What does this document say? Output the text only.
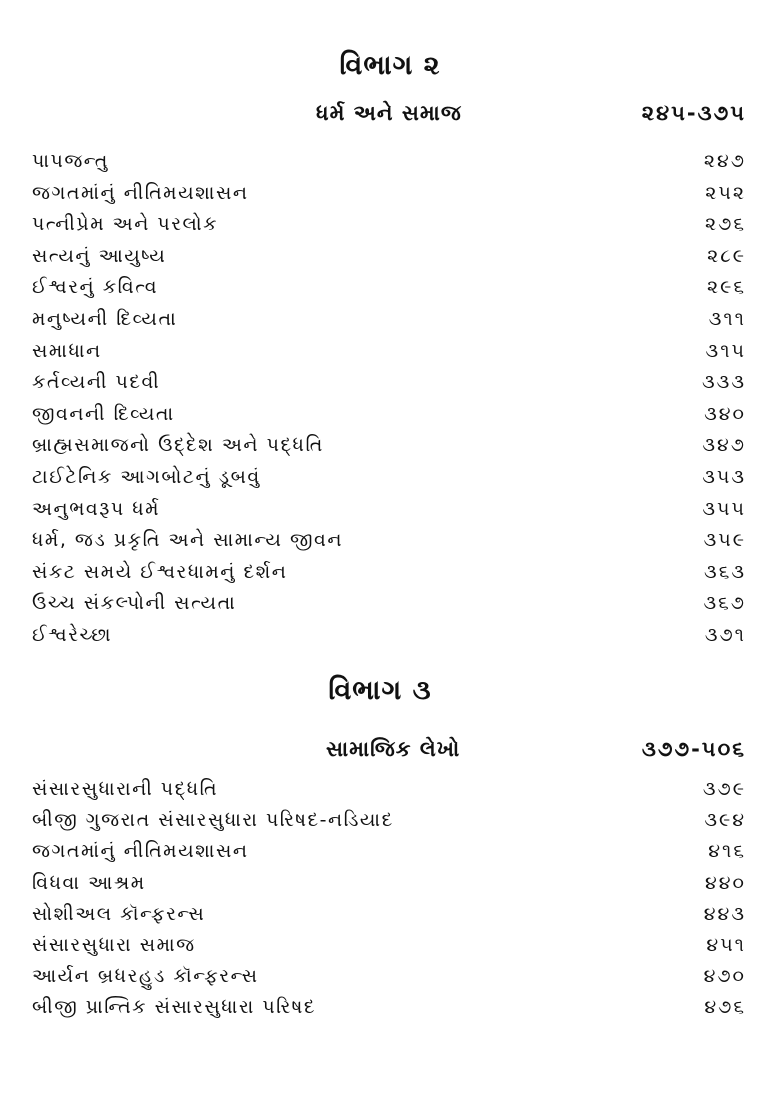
વિભાગ ૨
ધર્મ અને સમાજ	૨૪૫-૩૭૫
પાપજન્તુ	૨૪૭
જગતમાંનું નીતિમયશાસન	૨૫૨
પત્નીપ્રેમ અને પરલોક	૨૭૬
સત્યનું આયુષ્ય	૨૮૯
ઈશ્વરનું કવિત્વ	૨૯૬
મનુષ્યની દિવ્યતા	૩૧૧
સમાધાન	૩૧૫
કર્તવ્યની પદવી	૩૩૩
જીવનની દિવ્યતા	૩૪૦
બ્રાહ્મસમાજનો ઉદ્દેશ અને પદ્ધતિ	૩૪૭
ટાઈટેનિક આગબોટનું ડૂબવું	૩૫૩
અનુભવરૂપ ધર્મ	૩૫૫
ધર્મ, જડ પ્રકૃતિ અને સામાન્ય જીવન	૩૫૯
સંકટ સમયે ઈશ્વરધામનું દર્શન	૩૬૩
ઉચ્ચ સંકલ્પોની સત્યતા	૩૬૭
ઈશ્વરેચ્છા	૩૭૧
વિભાગ ૩
સામાજિક લેખો	૩૭૭-૫૦૬
સંસારસુધારાની પદ્ધતિ	૩૭૯
બીજી ગુજરાત સંસારસુધારા પરિષદ-નડિયાદ	૩૯૪
જગતમાંનું નીતિમયશાસન	૪૧૬
વિધવા આશ્રમ	૪૪૦
સોશીઅલ કૉન્ફરન્સ	૪૪૩
સંસારસુધારા સમાજ	૪૫૧
આર્યન બ્રધરહુડ કૉન્ફરન્સ	૪૭૦
બીજી પ્રાન્તિક સંસારસુધારા પરિષદ	૪૭૬
